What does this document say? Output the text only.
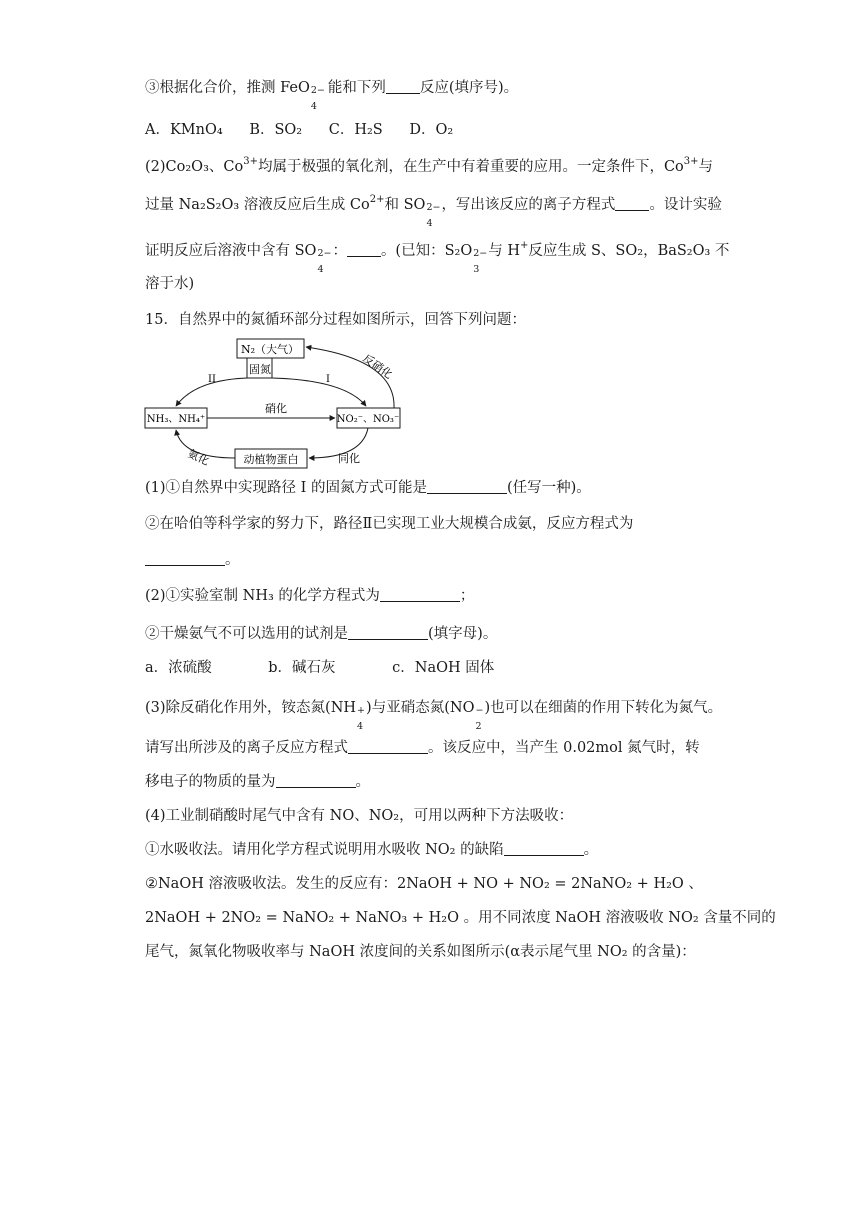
③根据化合价，推测 FeO 2−
4
能和下列 反应(填序号)。
A．KMnO₄ B．SO₂ C．H₂S D．O₂
(2)Co₂O₃、$Co^{3+}$均属于极强的氧化剂，在生产中有着重要的应用。一定条件下，$Co^{3+}$与
过量 Na₂S₂O₃ 溶液反应后生成 $Co^{2+}$和 SO 2−
4
，写出该反应的离子方程式 。设计实验
证明反应后溶液中含有 SO 2−
4
： 。(已知：S₂O 2−
3
与 H+反应生成 S、SO₂，BaS₂O₃ 不
溶于水)
15．自然界中的氮循环部分过程如图所示，回答下列问题：
N₂（大气）
固氮
NH₃、NH₄⁺	NO₂⁻、NO₃⁻
动植物蛋白
II	I
硝化
反硝化
同化
氨化
(1)①自然界中实现路径 I 的固氮方式可能是	(任写一种)。
②在哈伯等科学家的努力下，路径Ⅱ已实现工业大规模合成氨，反应方程式为
。
(2)①实验室制 NH₃ 的化学方程式为	；
②干燥氨气不可以选用的试剂是	(填字母)。
a．浓硫酸	b．碱石灰	c．NaOH 固体
(3)除反硝化作用外，铵态氮(NH +
4
)与亚硝态氮(NO −
2
)也可以在细菌的作用下转化为氮气。
请写出所涉及的离子反应方程式	。该反应中，当产生 0.02mol 氮气时，转
移电子的物质的量为	。
(4)工业制硝酸时尾气中含有 NO、NO₂，可用以两种下方法吸收：
①水吸收法。请用化学方程式说明用水吸收 NO₂ 的缺陷	。
②NaOH 溶液吸收法。发生的反应有：2NaOH + NO + NO₂ = 2NaNO₂ + H₂O 、
2NaOH + 2NO₂ = NaNO₂ + NaNO₃ + H₂O 。用不同浓度 NaOH 溶液吸收 NO₂ 含量不同的
尾气，氮氧化物吸收率与 NaOH 浓度间的关系如图所示(α表示尾气里 NO₂ 的含量)：
